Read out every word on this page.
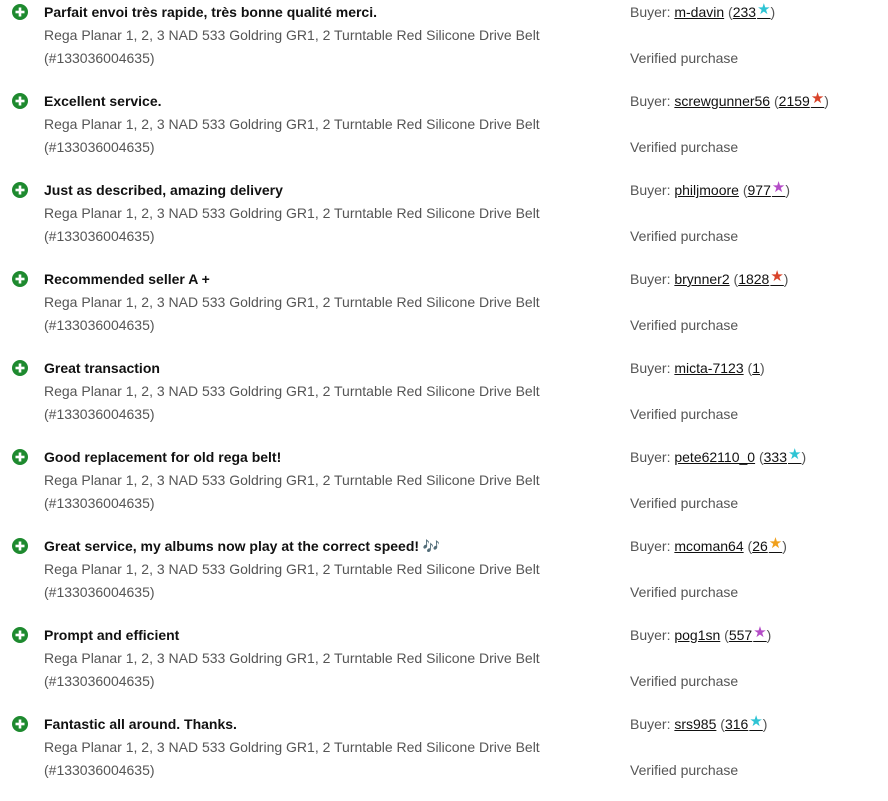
Parfait envoi très rapide, très bonne qualité merci.
Rega Planar 1, 2, 3 NAD 533 Goldring GR1, 2 Turntable Red Silicone Drive Belt
(#133036004635)
Buyer: m-davin (233★)
Verified purchase
Excellent service.
Rega Planar 1, 2, 3 NAD 533 Goldring GR1, 2 Turntable Red Silicone Drive Belt
(#133036004635)
Buyer: screwgunner56 (2159★)
Verified purchase
Just as described, amazing delivery
Rega Planar 1, 2, 3 NAD 533 Goldring GR1, 2 Turntable Red Silicone Drive Belt
(#133036004635)
Buyer: philjmoore (977★)
Verified purchase
Recommended seller A +
Rega Planar 1, 2, 3 NAD 533 Goldring GR1, 2 Turntable Red Silicone Drive Belt
(#133036004635)
Buyer: brynner2 (1828★)
Verified purchase
Great transaction
Rega Planar 1, 2, 3 NAD 533 Goldring GR1, 2 Turntable Red Silicone Drive Belt
(#133036004635)
Buyer: micta-7123 (1)
Verified purchase
Good replacement for old rega belt!
Rega Planar 1, 2, 3 NAD 533 Goldring GR1, 2 Turntable Red Silicone Drive Belt
(#133036004635)
Buyer: pete62110_0 (333★)
Verified purchase
Great service, my albums now play at the correct speed! 🎶
Rega Planar 1, 2, 3 NAD 533 Goldring GR1, 2 Turntable Red Silicone Drive Belt
(#133036004635)
Buyer: mcoman64 (26★)
Verified purchase
Prompt and efficient
Rega Planar 1, 2, 3 NAD 533 Goldring GR1, 2 Turntable Red Silicone Drive Belt
(#133036004635)
Buyer: pog1sn (557★)
Verified purchase
Fantastic all around. Thanks.
Rega Planar 1, 2, 3 NAD 533 Goldring GR1, 2 Turntable Red Silicone Drive Belt
(#133036004635)
Buyer: srs985 (316★)
Verified purchase
